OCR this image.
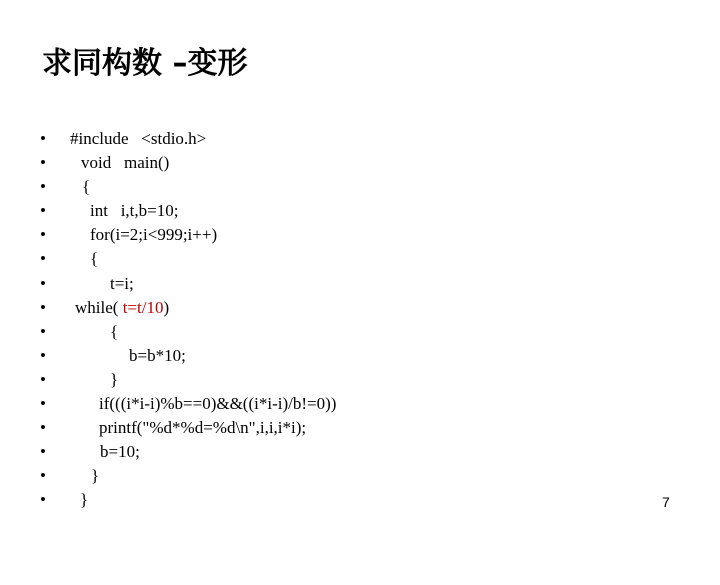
求同构数 –变形

•

#include   <stdio.h>

•

void   main()

•

{

•

	int   i,t,b=10;

•

	for(i=2;i<999;i++)

•

	{

•

	t=i;

•

while( t=t/10)

•

	{

•

	b=b*10;

•

	}

•

	if(((i*i-i)%b==0)&&((i*i-i)/b!=0))

•

	printf("%d*%d=%d\n",i,i,i*i);

•

	b=10;

•

	}

•

}

	7
